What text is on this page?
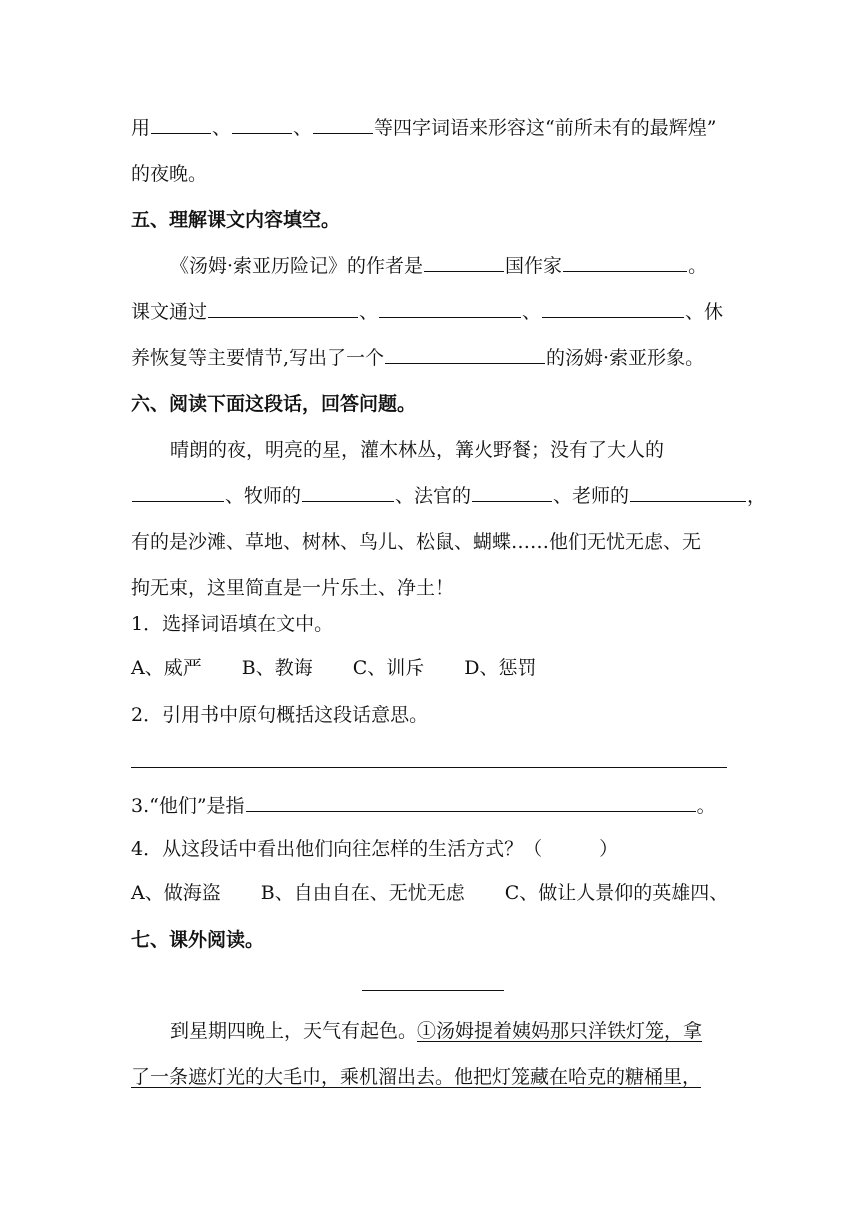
用	、	、	等四字词语来形容这“前所未有的最辉煌”
的夜晚。
五、理解课文内容填空。
《汤姆·索亚历险记》的作者是	国作家	。
课文通过	、	、	、休
养恢复等主要情节,写出了一个	的汤姆·索亚形象。
六、阅读下面这段话，回答问题。
晴朗的夜，明亮的星，灌木林丛，篝火野餐；没有了大人的
、牧师的	、法官的	、老师的	，
有的是沙滩、草地、树林、鸟儿、松鼠、蝴蝶……他们无忧无虑、无
拘无束，这里简直是一片乐土、净土！
1．选择词语填在文中。
A、威严 B、教诲 C、训斥 D、惩罚
2．引用书中原句概括这段话意思。
3.“他们”是指	。
4．从这段话中看出他们向往怎样的生活方式？（　　　）
A、做海盗 B、自由自在、无忧无虑 C、做让人景仰的英雄四、
七、课外阅读。
到星期四晚上，天气有起色。①汤姆提着姨妈那只洋铁灯笼，拿
了一条遮灯光的大毛巾，乘机溜出去。他把灯笼藏在哈克的糖桶里，
